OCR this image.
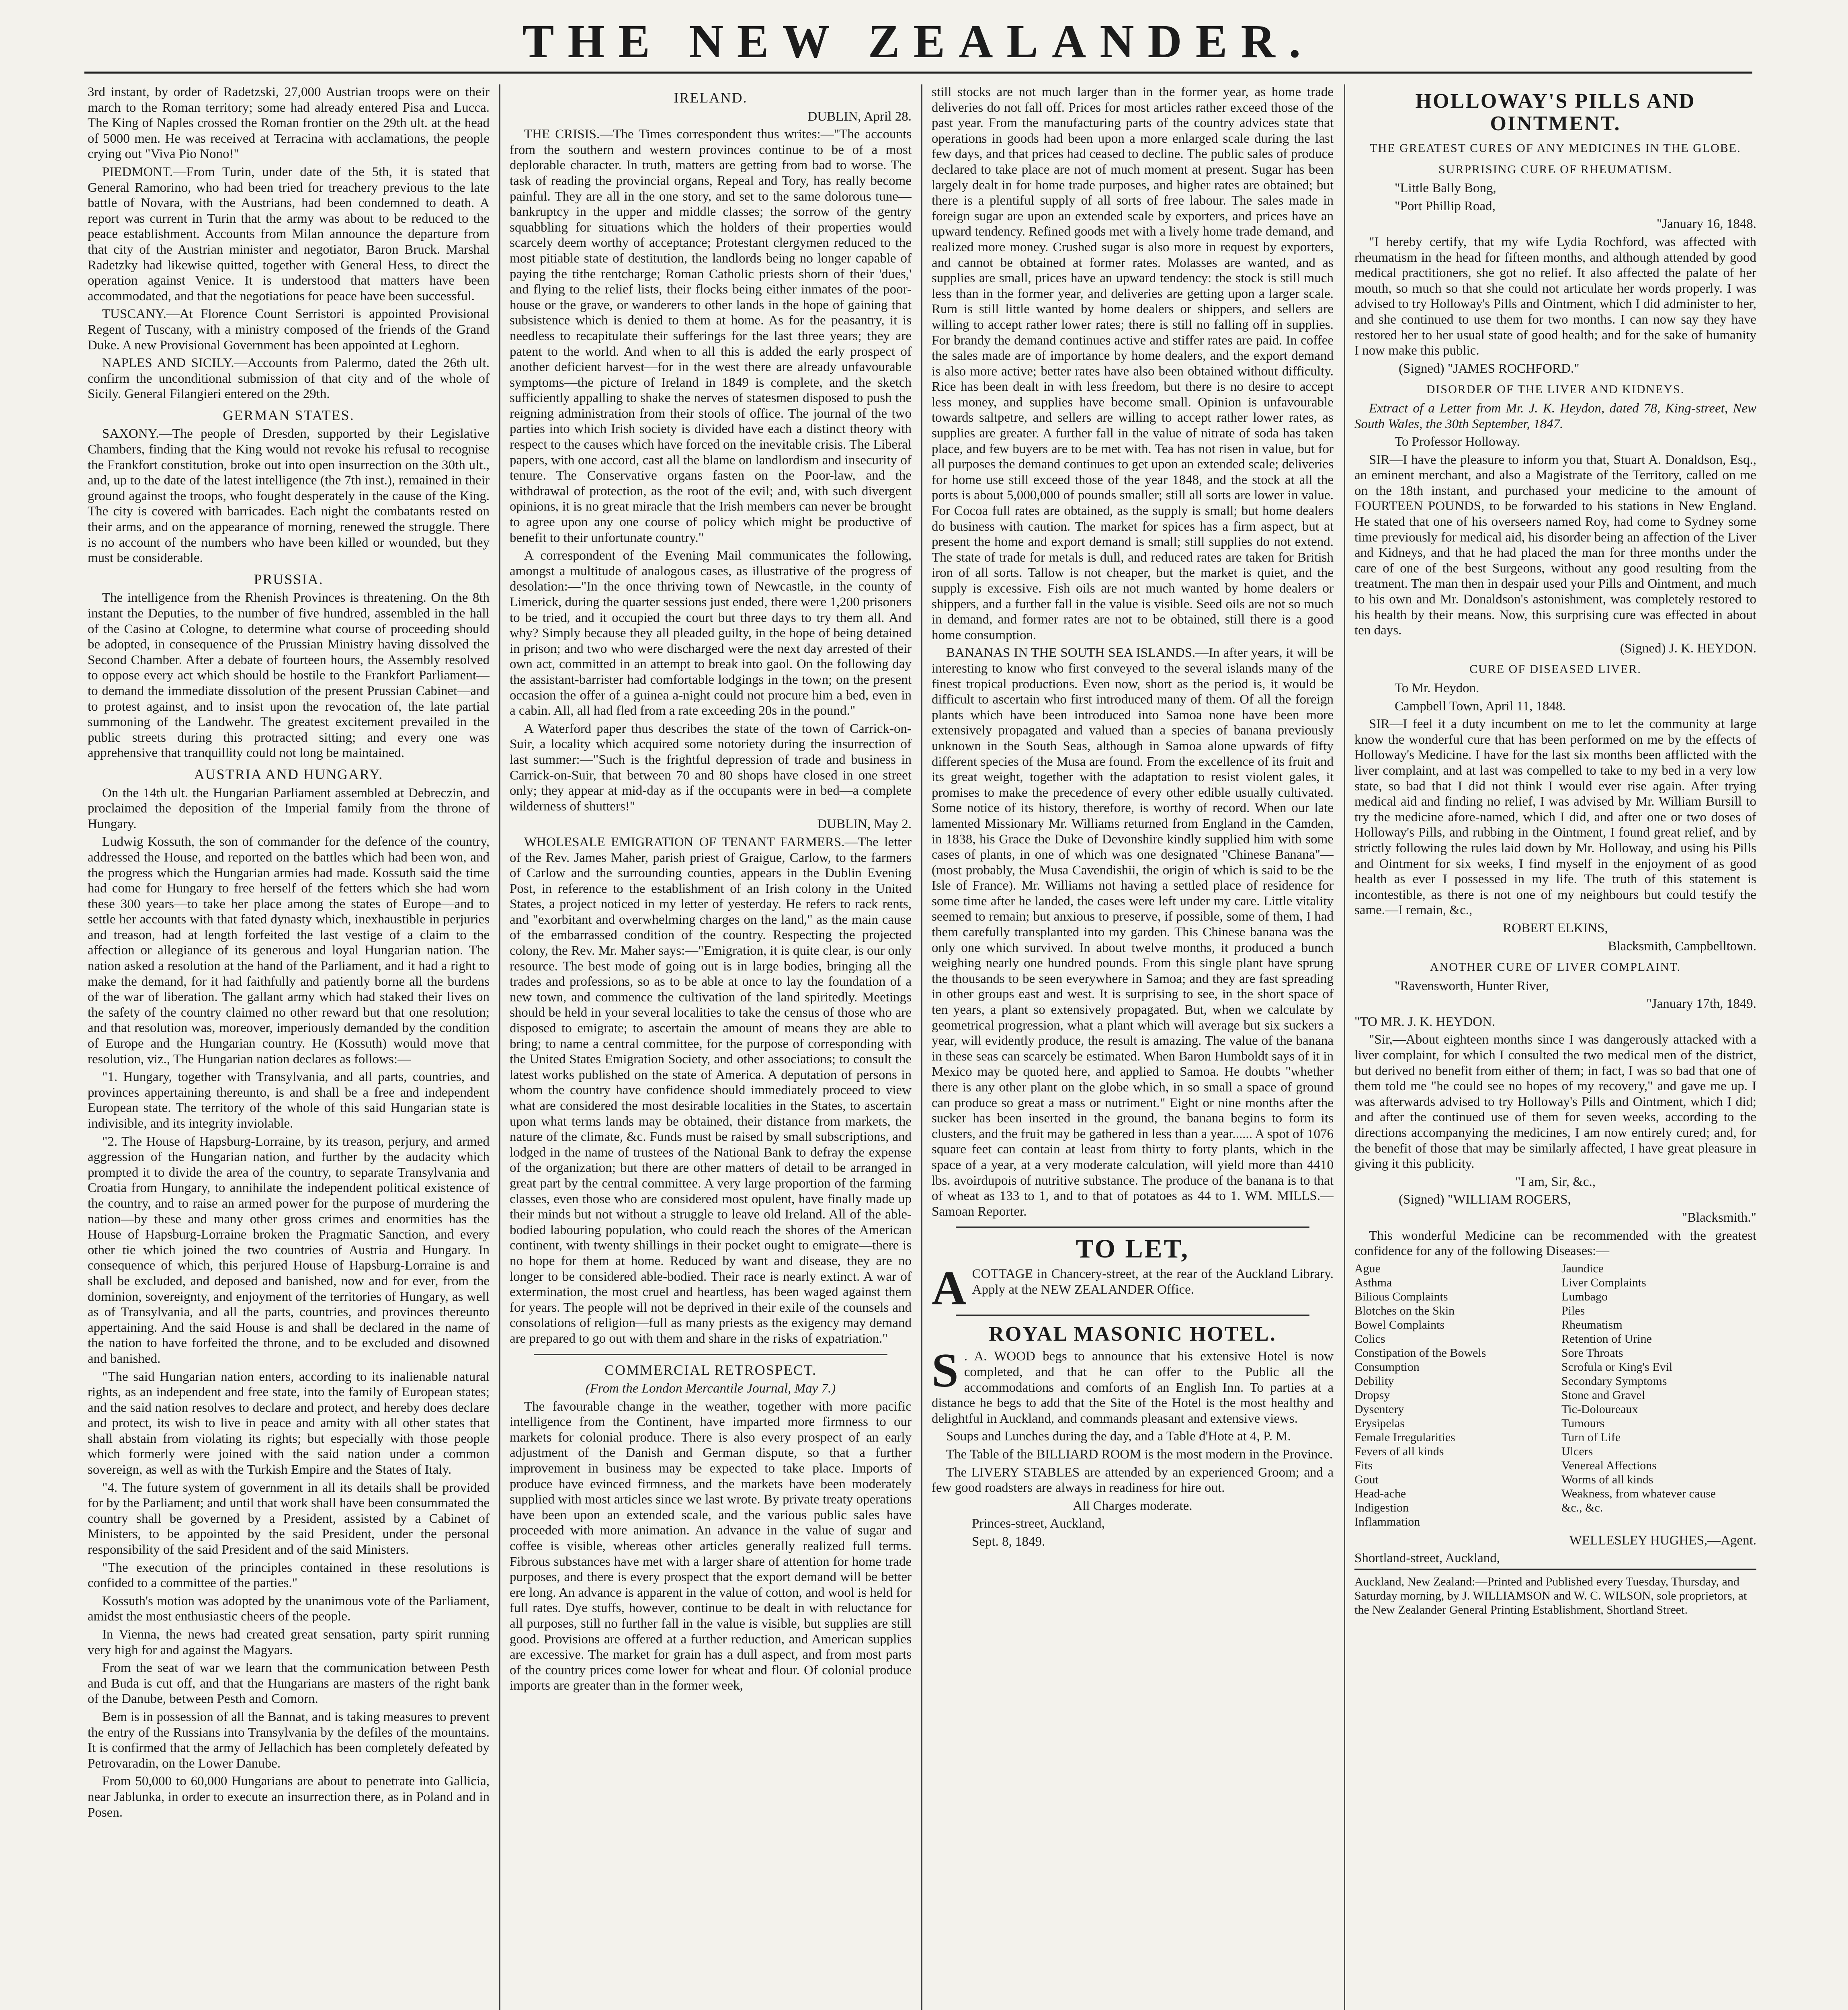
THE NEW ZEALANDER.

3rd instant, by order of Radetzski, 27,000 Austrian troops were on their march to the Roman territory; some had already entered Pisa and Lucca. The King of Naples crossed the Roman frontier on the 29th ult. at the head of 5000 men. He was received at Terracina with acclamations, the people crying out "Viva Pio Nono!"

PIEDMONT.—From Turin, under date of the 5th, it is stated that General Ramorino, who had been tried for treachery previous to the late battle of Novara, with the Austrians, had been condemned to death. A report was current in Turin that the army was about to be reduced to the peace establishment. Accounts from Milan announce the departure from that city of the Austrian minister and negotiator, Baron Bruck. Marshal Radetzky had likewise quitted, together with General Hess, to direct the operation against Venice. It is understood that matters have been accommodated, and that the negotiations for peace have been successful.

TUSCANY.—At Florence Count Serristori is appointed Provisional Regent of Tuscany, with a ministry composed of the friends of the Grand Duke. A new Provisional Government has been appointed at Leghorn.

NAPLES AND SICILY.—Accounts from Palermo, dated the 26th ult. confirm the unconditional submission of that city and of the whole of Sicily. General Filangieri entered on the 29th.

GERMAN STATES.

SAXONY.—The people of Dresden, supported by their Legislative Chambers, finding that the King would not revoke his refusal to recognise the Frankfort constitution, broke out into open insurrection on the 30th ult., and, up to the date of the latest intelligence (the 7th inst.), remained in their ground against the troops, who fought desperately in the cause of the King. The city is covered with barricades. Each night the combatants rested on their arms, and on the appearance of morning, renewed the struggle. There is no account of the numbers who have been killed or wounded, but they must be considerable.

PRUSSIA.

The intelligence from the Rhenish Provinces is threatening. On the 8th instant the Deputies, to the number of five hundred, assembled in the hall of the Casino at Cologne, to determine what course of proceeding should be adopted, in consequence of the Prussian Ministry having dissolved the Second Chamber. After a debate of fourteen hours, the Assembly resolved to oppose every act which should be hostile to the Frankfort Parliament—to demand the immediate dissolution of the present Prussian Cabinet—and to protest against, and to insist upon the revocation of, the late partial summoning of the Landwehr. The greatest excitement prevailed in the public streets during this protracted sitting; and every one was apprehensive that tranquillity could not long be maintained.

AUSTRIA AND HUNGARY.

On the 14th ult. the Hungarian Parliament assembled at Debreczin, and proclaimed the deposition of the Imperial family from the throne of Hungary.

Ludwig Kossuth, the son of commander for the defence of the country, addressed the House, and reported on the battles which had been won, and the progress which the Hungarian armies had made. Kossuth said the time had come for Hungary to free herself of the fetters which she had worn these 300 years—to take her place among the states of Europe—and to settle her accounts with that fated dynasty which, inexhaustible in perjuries and treason, had at length forfeited the last vestige of a claim to the affection or allegiance of its generous and loyal Hungarian nation. The nation asked a resolution at the hand of the Parliament, and it had a right to make the demand, for it had faithfully and patiently borne all the burdens of the war of liberation. The gallant army which had staked their lives on the safety of the country claimed no other reward but that one resolution; and that resolution was, moreover, imperiously demanded by the condition of Europe and the Hungarian country. He (Kossuth) would move that resolution, viz., The Hungarian nation declares as follows:—

"1. Hungary, together with Transylvania, and all parts, countries, and provinces appertaining thereunto, is and shall be a free and independent European state. The territory of the whole of this said Hungarian state is indivisible, and its integrity inviolable.

"2. The House of Hapsburg-Lorraine, by its treason, perjury, and armed aggression of the Hungarian nation, and further by the audacity which prompted it to divide the area of the country, to separate Transylvania and Croatia from Hungary, to annihilate the independent political existence of the country, and to raise an armed power for the purpose of murdering the nation—by these and many other gross crimes and enormities has the House of Hapsburg-Lorraine broken the Pragmatic Sanction, and every other tie which joined the two countries of Austria and Hungary. In consequence of which, this perjured House of Hapsburg-Lorraine is and shall be excluded, and deposed and banished, now and for ever, from the dominion, sovereignty, and enjoyment of the territories of Hungary, as well as of Transylvania, and all the parts, countries, and provinces thereunto appertaining. And the said House is and shall be declared in the name of the nation to have forfeited the throne, and to be excluded and disowned and banished.

"The said Hungarian nation enters, according to its inalienable natural rights, as an independent and free state, into the family of European states; and the said nation resolves to declare and protect, and hereby does declare and protect, its wish to live in peace and amity with all other states that shall abstain from violating its rights; but especially with those people which formerly were joined with the said nation under a common sovereign, as well as with the Turkish Empire and the States of Italy.

"4. The future system of government in all its details shall be provided for by the Parliament; and until that work shall have been consummated the country shall be governed by a President, assisted by a Cabinet of Ministers, to be appointed by the said President, under the personal responsibility of the said President and of the said Ministers.

"The execution of the principles contained in these resolutions is confided to a committee of the parties."

Kossuth's motion was adopted by the unanimous vote of the Parliament, amidst the most enthusiastic cheers of the people.

In Vienna, the news had created great sensation, party spirit running very high for and against the Magyars.

From the seat of war we learn that the communication between Pesth and Buda is cut off, and that the Hungarians are masters of the right bank of the Danube, between Pesth and Comorn.

Bem is in possession of all the Bannat, and is taking measures to prevent the entry of the Russians into Transylvania by the defiles of the mountains. It is confirmed that the army of Jellachich has been completely defeated by Petrovaradin, on the Lower Danube.

From 50,000 to 60,000 Hungarians are about to penetrate into Gallicia, near Jablunka, in order to execute an insurrection there, as in Poland and in Posen.

IRELAND.

DUBLIN, April 28.

THE CRISIS.—The Times correspondent thus writes:—"The accounts from the southern and western provinces continue to be of a most deplorable character. In truth, matters are getting from bad to worse. The task of reading the provincial organs, Repeal and Tory, has really become painful. They are all in the one story, and set to the same dolorous tune—bankruptcy in the upper and middle classes; the sorrow of the gentry squabbling for situations which the holders of their properties would scarcely deem worthy of acceptance; Protestant clergymen reduced to the most pitiable state of destitution, the landlords being no longer capable of paying the tithe rentcharge; Roman Catholic priests shorn of their 'dues,' and flying to the relief lists, their flocks being either inmates of the poor-house or the grave, or wanderers to other lands in the hope of gaining that subsistence which is denied to them at home. As for the peasantry, it is needless to recapitulate their sufferings for the last three years; they are patent to the world. And when to all this is added the early prospect of another deficient harvest—for in the west there are already unfavourable symptoms—the picture of Ireland in 1849 is complete, and the sketch sufficiently appalling to shake the nerves of statesmen disposed to push the reigning administration from their stools of office. The journal of the two parties into which Irish society is divided have each a distinct theory with respect to the causes which have forced on the inevitable crisis. The Liberal papers, with one accord, cast all the blame on landlordism and insecurity of tenure. The Conservative organs fasten on the Poor-law, and the withdrawal of protection, as the root of the evil; and, with such divergent opinions, it is no great miracle that the Irish members can never be brought to agree upon any one course of policy which might be productive of benefit to their unfortunate country."

A correspondent of the Evening Mail communicates the following, amongst a multitude of analogous cases, as illustrative of the progress of desolation:—"In the once thriving town of Newcastle, in the county of Limerick, during the quarter sessions just ended, there were 1,200 prisoners to be tried, and it occupied the court but three days to try them all. And why? Simply because they all pleaded guilty, in the hope of being detained in prison; and two who were discharged were the next day arrested of their own act, committed in an attempt to break into gaol. On the following day the assistant-barrister had comfortable lodgings in the town; on the present occasion the offer of a guinea a-night could not procure him a bed, even in a cabin. All, all had fled from a rate exceeding 20s in the pound."

A Waterford paper thus describes the state of the town of Carrick-on-Suir, a locality which acquired some notoriety during the insurrection of last summer:—"Such is the frightful depression of trade and business in Carrick-on-Suir, that between 70 and 80 shops have closed in one street only; they appear at mid-day as if the occupants were in bed—a complete wilderness of shutters!"

DUBLIN, May 2.

WHOLESALE EMIGRATION OF TENANT FARMERS.—The letter of the Rev. James Maher, parish priest of Graigue, Carlow, to the farmers of Carlow and the surrounding counties, appears in the Dublin Evening Post, in reference to the establishment of an Irish colony in the United States, a project noticed in my letter of yesterday. He refers to rack rents, and "exorbitant and overwhelming charges on the land," as the main cause of the embarrassed condition of the country. Respecting the projected colony, the Rev. Mr. Maher says:—"Emigration, it is quite clear, is our only resource. The best mode of going out is in large bodies, bringing all the trades and professions, so as to be able at once to lay the foundation of a new town, and commence the cultivation of the land spiritedly. Meetings should be held in your several localities to take the census of those who are disposed to emigrate; to ascertain the amount of means they are able to bring; to name a central committee, for the purpose of corresponding with the United States Emigration Society, and other associations; to consult the latest works published on the state of America. A deputation of persons in whom the country have confidence should immediately proceed to view what are considered the most desirable localities in the States, to ascertain upon what terms lands may be obtained, their distance from markets, the nature of the climate, &c. Funds must be raised by small subscriptions, and lodged in the name of trustees of the National Bank to defray the expense of the organization; but there are other matters of detail to be arranged in great part by the central committee. A very large proportion of the farming classes, even those who are considered most opulent, have finally made up their minds but not without a struggle to leave old Ireland. All of the able-bodied labouring population, who could reach the shores of the American continent, with twenty shillings in their pocket ought to emigrate—there is no hope for them at home. Reduced by want and disease, they are no longer to be considered able-bodied. Their race is nearly extinct. A war of extermination, the most cruel and heartless, has been waged against them for years. The people will not be deprived in their exile of the counsels and consolations of religion—full as many priests as the exigency may demand are prepared to go out with them and share in the risks of expatriation."

COMMERCIAL RETROSPECT.

(From the London Mercantile Journal, May 7.)

The favourable change in the weather, together with more pacific intelligence from the Continent, have imparted more firmness to our markets for colonial produce. There is also every prospect of an early adjustment of the Danish and German dispute, so that a further improvement in business may be expected to take place. Imports of produce have evinced firmness, and the markets have been moderately supplied with most articles since we last wrote. By private treaty operations have been upon an extended scale, and the various public sales have proceeded with more animation. An advance in the value of sugar and coffee is visible, whereas other articles generally realized full terms. Fibrous substances have met with a larger share of attention for home trade purposes, and there is every prospect that the export demand will be better ere long. An advance is apparent in the value of cotton, and wool is held for full rates. Dye stuffs, however, continue to be dealt in with reluctance for all purposes, still no further fall in the value is visible, but supplies are still good. Provisions are offered at a further reduction, and American supplies are excessive. The market for grain has a dull aspect, and from most parts of the country prices come lower for wheat and flour. Of colonial produce imports are greater than in the former week,

still stocks are not much larger than in the former year, as home trade deliveries do not fall off. Prices for most articles rather exceed those of the past year. From the manufacturing parts of the country advices state that operations in goods had been upon a more enlarged scale during the last few days, and that prices had ceased to decline. The public sales of produce declared to take place are not of much moment at present. Sugar has been largely dealt in for home trade purposes, and higher rates are obtained; but there is a plentiful supply of all sorts of free labour. The sales made in foreign sugar are upon an extended scale by exporters, and prices have an upward tendency. Refined goods met with a lively home trade demand, and realized more money. Crushed sugar is also more in request by exporters, and cannot be obtained at former rates. Molasses are wanted, and as supplies are small, prices have an upward tendency: the stock is still much less than in the former year, and deliveries are getting upon a larger scale. Rum is still little wanted by home dealers or shippers, and sellers are willing to accept rather lower rates; there is still no falling off in supplies. For brandy the demand continues active and stiffer rates are paid. In coffee the sales made are of importance by home dealers, and the export demand is also more active; better rates have also been obtained without difficulty. Rice has been dealt in with less freedom, but there is no desire to accept less money, and supplies have become small. Opinion is unfavourable towards saltpetre, and sellers are willing to accept rather lower rates, as supplies are greater. A further fall in the value of nitrate of soda has taken place, and few buyers are to be met with. Tea has not risen in value, but for all purposes the demand continues to get upon an extended scale; deliveries for home use still exceed those of the year 1848, and the stock at all the ports is about 5,000,000 of pounds smaller; still all sorts are lower in value. For Cocoa full rates are obtained, as the supply is small; but home dealers do business with caution. The market for spices has a firm aspect, but at present the home and export demand is small; still supplies do not extend. The state of trade for metals is dull, and reduced rates are taken for British iron of all sorts. Tallow is not cheaper, but the market is quiet, and the supply is excessive. Fish oils are not much wanted by home dealers or shippers, and a further fall in the value is visible. Seed oils are not so much in demand, and former rates are not to be obtained, still there is a good home consumption.

BANANAS IN THE SOUTH SEA ISLANDS.—In after years, it will be interesting to know who first conveyed to the several islands many of the finest tropical productions. Even now, short as the period is, it would be difficult to ascertain who first introduced many of them. Of all the foreign plants which have been introduced into Samoa none have been more extensively propagated and valued than a species of banana previously unknown in the South Seas, although in Samoa alone upwards of fifty different species of the Musa are found. From the excellence of its fruit and its great weight, together with the adaptation to resist violent gales, it promises to make the precedence of every other edible usually cultivated. Some notice of its history, therefore, is worthy of record. When our late lamented Missionary Mr. Williams returned from England in the Camden, in 1838, his Grace the Duke of Devonshire kindly supplied him with some cases of plants, in one of which was one designated "Chinese Banana"—(most probably, the Musa Cavendishii, the origin of which is said to be the Isle of France). Mr. Williams not having a settled place of residence for some time after he landed, the cases were left under my care. Little vitality seemed to remain; but anxious to preserve, if possible, some of them, I had them carefully transplanted into my garden. This Chinese banana was the only one which survived. In about twelve months, it produced a bunch weighing nearly one hundred pounds. From this single plant have sprung the thousands to be seen everywhere in Samoa; and they are fast spreading in other groups east and west. It is surprising to see, in the short space of ten years, a plant so extensively propagated. But, when we calculate by geometrical progression, what a plant which will average but six suckers a year, will evidently produce, the result is amazing. The value of the banana in these seas can scarcely be estimated. When Baron Humboldt says of it in Mexico may be quoted here, and applied to Samoa. He doubts "whether there is any other plant on the globe which, in so small a space of ground can produce so great a mass or nutriment." Eight or nine months after the sucker has been inserted in the ground, the banana begins to form its clusters, and the fruit may be gathered in less than a year...... A spot of 1076 square feet can contain at least from thirty to forty plants, which in the space of a year, at a very moderate calculation, will yield more than 4410 lbs. avoirdupois of nutritive substance. The produce of the banana is to that of wheat as 133 to 1, and to that of potatoes as 44 to 1. WM. MILLS.—Samoan Reporter.

TO LET,

ACOTTAGE in Chancery-street, at the rear of the Auckland Library. Apply at the NEW ZEALANDER Office.

ROYAL MASONIC HOTEL.

S . A. WOOD begs to announce that his extensive Hotel is now completed, and that he can offer to the Public all the accommodations and comforts of an English Inn. To parties at a distance he begs to add that the Site of the Hotel is the most healthy and delightful in Auckland, and commands pleasant and extensive views.

Soups and Lunches during the day, and a Table d'Hote at 4, P. M.

The Table of the BILLIARD ROOM is the most modern in the Province.

The LIVERY STABLES are attended by an experienced Groom; and a few good roadsters are always in readiness for hire out.

All Charges moderate.

Princes-street, Auckland,

Sept. 8, 1849.

HOLLOWAY'S PILLS AND OINTMENT.
THE GREATEST CURES OF ANY MEDICINES IN THE GLOBE.
SURPRISING CURE OF RHEUMATISM.

"Little Bally Bong,

"Port Phillip Road,

"January 16, 1848.

"I hereby certify, that my wife Lydia Rochford, was affected with rheumatism in the head for fifteen months, and although attended by good medical practitioners, she got no relief. It also affected the palate of her mouth, so much so that she could not articulate her words properly. I was advised to try Holloway's Pills and Ointment, which I did administer to her, and she continued to use them for two months. I can now say they have restored her to her usual state of good health; and for the sake of humanity I now make this public.

(Signed) "JAMES ROCHFORD."

DISORDER OF THE LIVER AND KIDNEYS.

Extract of a Letter from Mr. J. K. Heydon, dated 78, King-street, New South Wales, the 30th September, 1847.

To Professor Holloway.

SIR—I have the pleasure to inform you that, Stuart A. Donaldson, Esq., an eminent merchant, and also a Magistrate of the Territory, called on me on the 18th instant, and purchased your medicine to the amount of FOURTEEN POUNDS, to be forwarded to his stations in New England. He stated that one of his overseers named Roy, had come to Sydney some time previously for medical aid, his disorder being an affection of the Liver and Kidneys, and that he had placed the man for three months under the care of one of the best Surgeons, without any good resulting from the treatment. The man then in despair used your Pills and Ointment, and much to his own and Mr. Donaldson's astonishment, was completely restored to his health by their means. Now, this surprising cure was effected in about ten days.

(Signed) J. K. HEYDON.

CURE OF DISEASED LIVER.

To Mr. Heydon.

Campbell Town, April 11, 1848.

SIR—I feel it a duty incumbent on me to let the community at large know the wonderful cure that has been performed on me by the effects of Holloway's Medicine. I have for the last six months been afflicted with the liver complaint, and at last was compelled to take to my bed in a very low state, so bad that I did not think I would ever rise again. After trying medical aid and finding no relief, I was advised by Mr. William Bursill to try the medicine afore-named, which I did, and after one or two doses of Holloway's Pills, and rubbing in the Ointment, I found great relief, and by strictly following the rules laid down by Mr. Holloway, and using his Pills and Ointment for six weeks, I find myself in the enjoyment of as good health as ever I possessed in my life. The truth of this statement is incontestible, as there is not one of my neighbours but could testify the same.—I remain, &c.,

ROBERT ELKINS,

Blacksmith, Campbelltown.

ANOTHER CURE OF LIVER COMPLAINT.

"Ravensworth, Hunter River,

"January 17th, 1849.

"TO MR. J. K. HEYDON.

"Sir,—About eighteen months since I was dangerously attacked with a liver complaint, for which I consulted the two medical men of the district, but derived no benefit from either of them; in fact, I was so bad that one of them told me "he could see no hopes of my recovery," and gave me up. I was afterwards advised to try Holloway's Pills and Ointment, which I did; and after the continued use of them for seven weeks, according to the directions accompanying the medicines, I am now entirely cured; and, for the benefit of those that may be similarly affected, I have great pleasure in giving it this publicity.

"I am, Sir, &c.,

(Signed) "WILLIAM ROGERS,

"Blacksmith."

This wonderful Medicine can be recommended with the greatest confidence for any of the following Diseases:—

Ague	Jaundice
Asthma	Liver Complaints
Bilious Complaints	Lumbago
Blotches on the Skin	Piles
Bowel Complaints	Rheumatism
Colics	Retention of Urine
Constipation of the Bowels	Sore Throats
Consumption	Scrofula or King's Evil
Debility	Secondary Symptoms
Dropsy	Stone and Gravel
Dysentery	Tic-Doloureaux
Erysipelas	Tumours
Female Irregularities	Turn of Life
Fevers of all kinds	Ulcers
Fits	Venereal Affections
Gout	Worms of all kinds
Head-ache	Weakness, from whatever cause
Indigestion	&c., &c.
Inflammation

WELLESLEY HUGHES,—Agent.

Shortland-street, Auckland,

Auckland, New Zealand:—Printed and Published every Tuesday, Thursday, and Saturday morning, by J. WILLIAMSON and W. C. WILSON, sole proprietors, at the New Zealander General Printing Establishment, Shortland Street.
